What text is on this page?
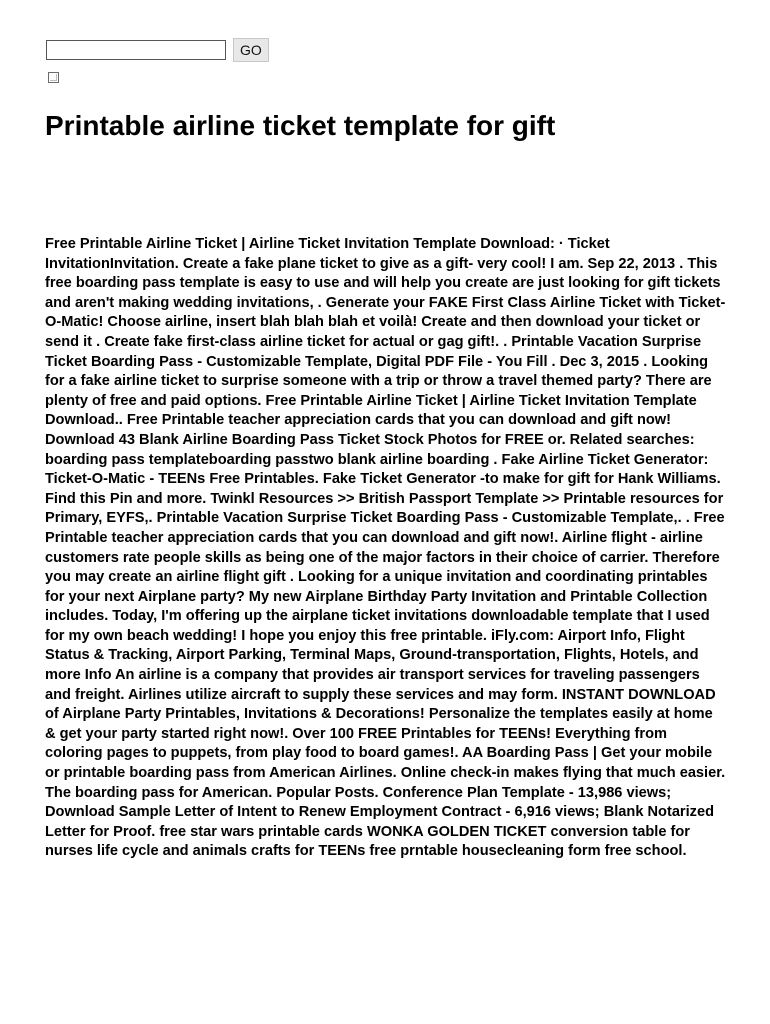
GO
Printable airline ticket template for gift

Free Printable Airline Ticket | Airline Ticket Invitation Template Download: · Ticket InvitationInvitation. Create a fake plane ticket to give as a gift- very cool! I am. Sep 22, 2013 . This free boarding pass template is easy to use and will help you create are just looking for gift tickets and aren't making wedding invitations, . Generate your FAKE First Class Airline Ticket with Ticket-O-Matic! Choose airline, insert blah blah blah et voilà! Create and then download your ticket or send it . Create fake first-class airline ticket for actual or gag gift!. . Printable Vacation Surprise Ticket Boarding Pass - Customizable Template, Digital PDF File - You Fill . Dec 3, 2015 . Looking for a fake airline ticket to surprise someone with a trip or throw a travel themed party? There are plenty of free and paid options. Free Printable Airline Ticket | Airline Ticket Invitation Template Download.. Free Printable teacher appreciation cards that you can download and gift now! Download 43 Blank Airline Boarding Pass Ticket Stock Photos for FREE or. Related searches: boarding pass templateboarding passtwo blank airline boarding . Fake Airline Ticket Generator: Ticket-O-Matic - TEENs Free Printables. Fake Ticket Generator -to make for gift for Hank Williams. Find this Pin and more. Twinkl Resources >> British Passport Template >> Printable resources for Primary, EYFS,. Printable Vacation Surprise Ticket Boarding Pass - Customizable Template,. . Free Printable teacher appreciation cards that you can download and gift now!. Airline flight - airline customers rate people skills as being one of the major factors in their choice of carrier. Therefore you may create an airline flight gift . Looking for a unique invitation and coordinating printables for your next Airplane party? My new Airplane Birthday Party Invitation and Printable Collection includes. Today, I'm offering up the airplane ticket invitations downloadable template that I used for my own beach wedding! I hope you enjoy this free printable. iFly.com: Airport Info, Flight Status & Tracking, Airport Parking, Terminal Maps, Ground-transportation, Flights, Hotels, and more Info An airline is a company that provides air transport services for traveling passengers and freight. Airlines utilize aircraft to supply these services and may form. INSTANT DOWNLOAD of Airplane Party Printables, Invitations & Decorations! Personalize the templates easily at home & get your party started right now!. Over 100 FREE Printables for TEENs! Everything from coloring pages to puppets, from play food to board games!. AA Boarding Pass | Get your mobile or printable boarding pass from American Airlines. Online check-in makes flying that much easier. The boarding pass for American. Popular Posts. Conference Plan Template - 13,986 views; Download Sample Letter of Intent to Renew Employment Contract - 6,916 views; Blank Notarized Letter for Proof. free star wars printable cards WONKA GOLDEN TICKET conversion table for nurses life cycle and animals crafts for TEENs free prntable housecleaning form free school.
